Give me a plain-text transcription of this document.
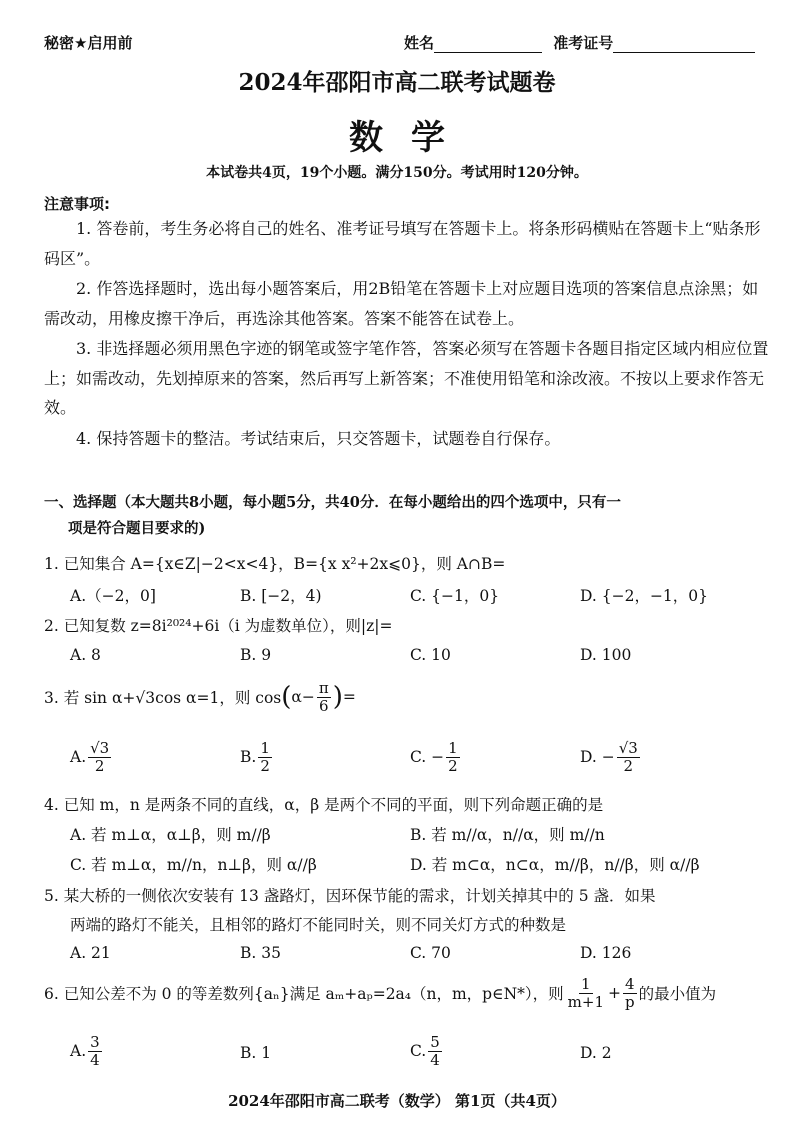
秘密★启用前	姓名	准考证号
2024年邵阳市高二联考试题卷
数学
本试卷共4页，19个小题。满分150分。考试用时120分钟。
注意事项:
1. 答卷前，考生务必将自己的姓名、准考证号填写在答题卡上。将条形码横贴在答题卡上“贴条形码区”。
2. 作答选择题时，选出每小题答案后，用2B铅笔在答题卡上对应题目选项的答案信息点涂黑；如需改动，用橡皮擦干净后，再选涂其他答案。答案不能答在试卷上。
3. 非选择题必须用黑色字迹的钢笔或签字笔作答，答案必须写在答题卡各题目指定区域内相应位置上；如需改动，先划掉原来的答案，然后再写上新答案；不准使用铅笔和涂改液。不按以上要求作答无效。
4. 保持答题卡的整洁。考试结束后，只交答题卡，试题卷自行保存。
一、选择题（本大题共8小题，每小题5分，共40分．在每小题给出的四个选项中，只有一
项是符合题目要求的)
1. 已知集合 A={x∈Z|−2<x<4}，B={x x²+2x⩽0}，则 A∩B=
A.（−2，0]	B. [−2，4)	C. {−1，0}	D. {−2，−1，0}
2. 已知复数 z=8i²⁰²⁴+6i（i 为虚数单位），则|z|=
A. 8	B. 9	C. 10	D. 100
3. 若 sin α+√3cos α=1，则 cos ( $\alpha- \frac{\pi}{6}$ ) =
A. $\frac{√3}{2}$	B. $\frac{1}{2}$	C. − $\frac{1}{2}$	D. − $\frac{√3}{2}$
4. 已知 m，n 是两条不同的直线，α，β 是两个不同的平面，则下列命题正确的是
A. 若 m⊥α，α⊥β，则 m//β	B. 若 m//α，n//α，则 m//n
C. 若 m⊥α，m//n，n⊥β，则 α//β	D. 若 m⊂α，n⊂α，m//β，n//β，则 α//β
5. 某大桥的一侧依次安装有 13 盏路灯，因环保节能的需求，计划关掉其中的 5 盏．如果
两端的路灯不能关，且相邻的路灯不能同时关，则不同关灯方式的种数是
A. 21	B. 35	C. 70	D. 126
6. 已知公差不为 0 的等差数列{aₙ}满足 aₘ+aₚ=2a₄（n，m，p∈N*），则 $\frac{1}{m+1} + \frac{4}{p}$ 的最小值为
A. $\frac{3}{4}$	B. 1	C. $\frac{5}{4}$	D. 2
2024年邵阳市高二联考（数学） 第1页（共4页）
